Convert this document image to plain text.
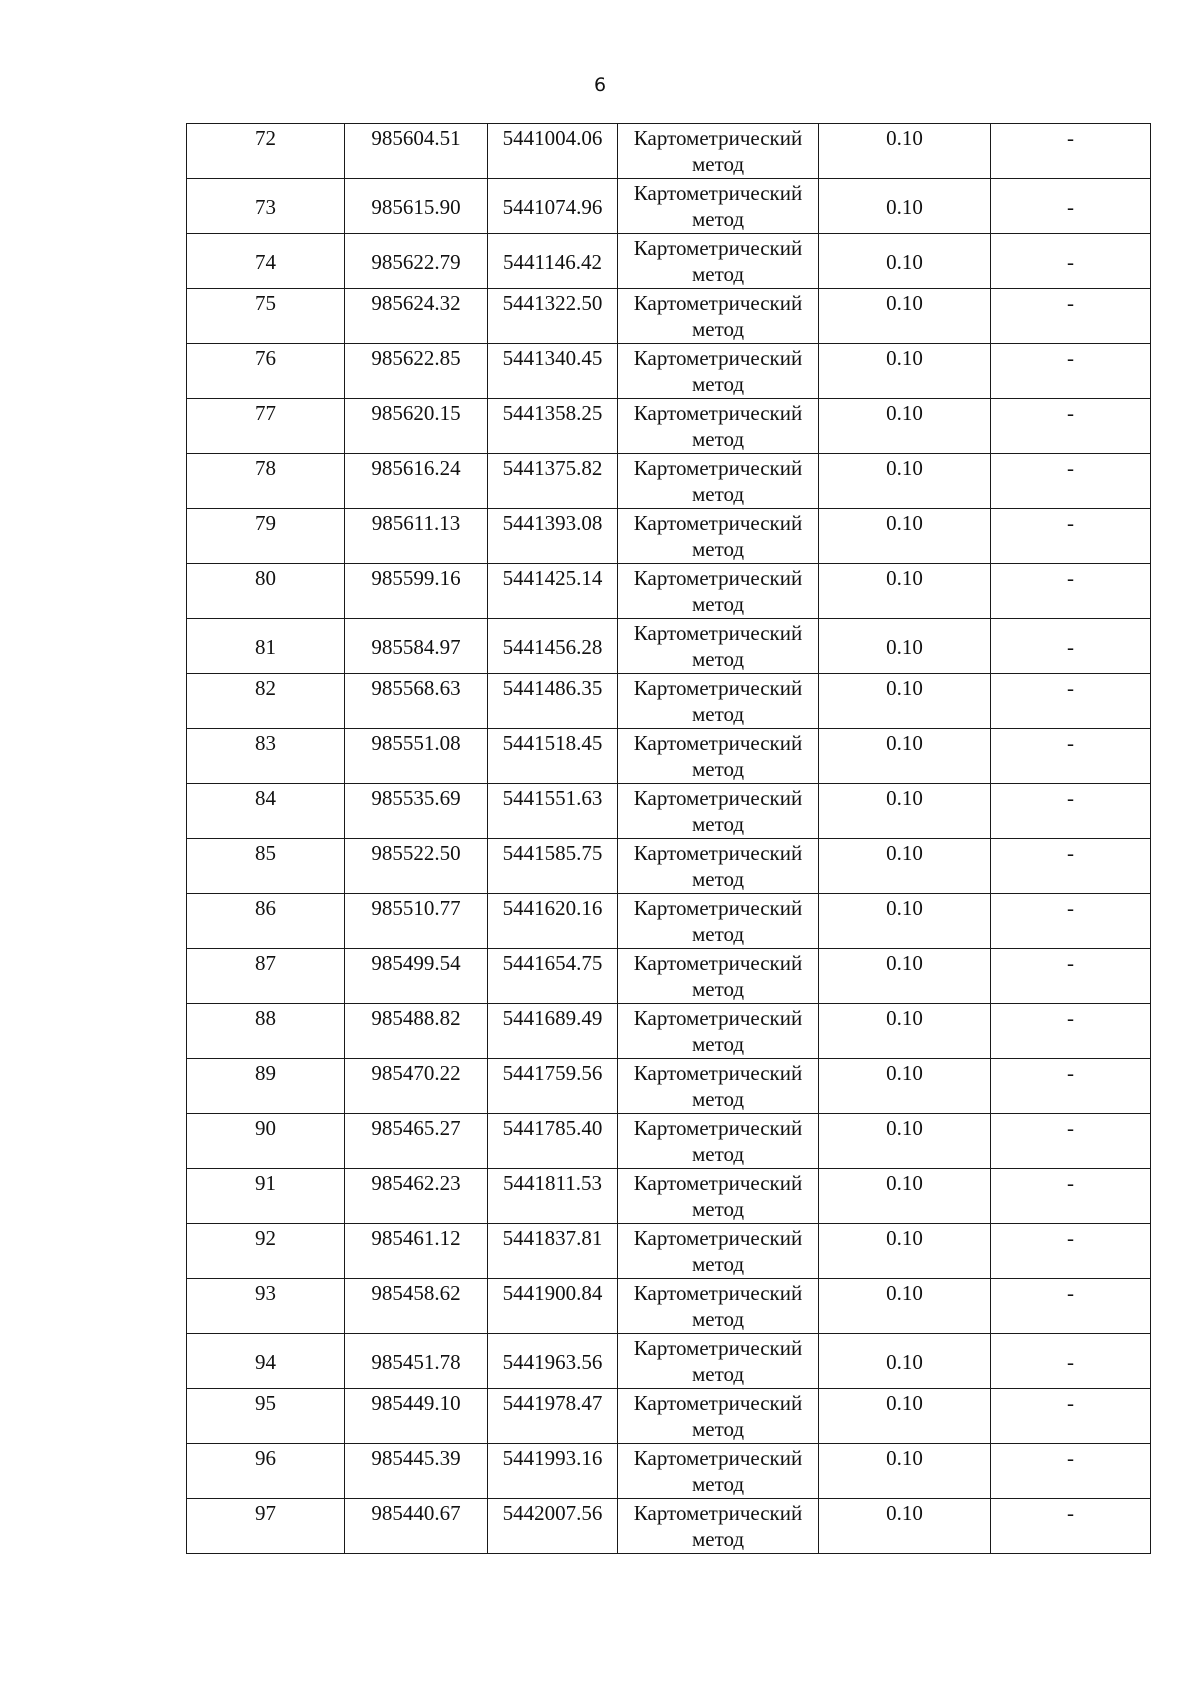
6
72	985604.51	5441004.06	Картометрический метод	0.10	-

73	985615.90	5441074.96	Картометрический метод	0.10	-

74	985622.79	5441146.42	Картометрический метод	0.10	-

75	985624.32	5441322.50	Картометрический метод	0.10	-

76	985622.85	5441340.45	Картометрический метод	0.10	-

77	985620.15	5441358.25	Картометрический метод	0.10	-

78	985616.24	5441375.82	Картометрический метод	0.10	-

79	985611.13	5441393.08	Картометрический метод	0.10	-

80	985599.16	5441425.14	Картометрический метод	0.10	-

81	985584.97	5441456.28	Картометрический метод	0.10	-

82	985568.63	5441486.35	Картометрический метод	0.10	-

83	985551.08	5441518.45	Картометрический метод	0.10	-

84	985535.69	5441551.63	Картометрический метод	0.10	-

85	985522.50	5441585.75	Картометрический метод	0.10	-

86	985510.77	5441620.16	Картометрический метод	0.10	-

87	985499.54	5441654.75	Картометрический метод	0.10	-

88	985488.82	5441689.49	Картометрический метод	0.10	-

89	985470.22	5441759.56	Картометрический метод	0.10	-

90	985465.27	5441785.40	Картометрический метод	0.10	-

91	985462.23	5441811.53	Картометрический метод	0.10	-

92	985461.12	5441837.81	Картометрический метод	0.10	-

93	985458.62	5441900.84	Картометрический метод	0.10	-

94	985451.78	5441963.56	Картометрический метод	0.10	-

95	985449.10	5441978.47	Картометрический метод	0.10	-

96	985445.39	5441993.16	Картометрический метод	0.10	-

97	985440.67	5442007.56	Картометрический метод	0.10	-
